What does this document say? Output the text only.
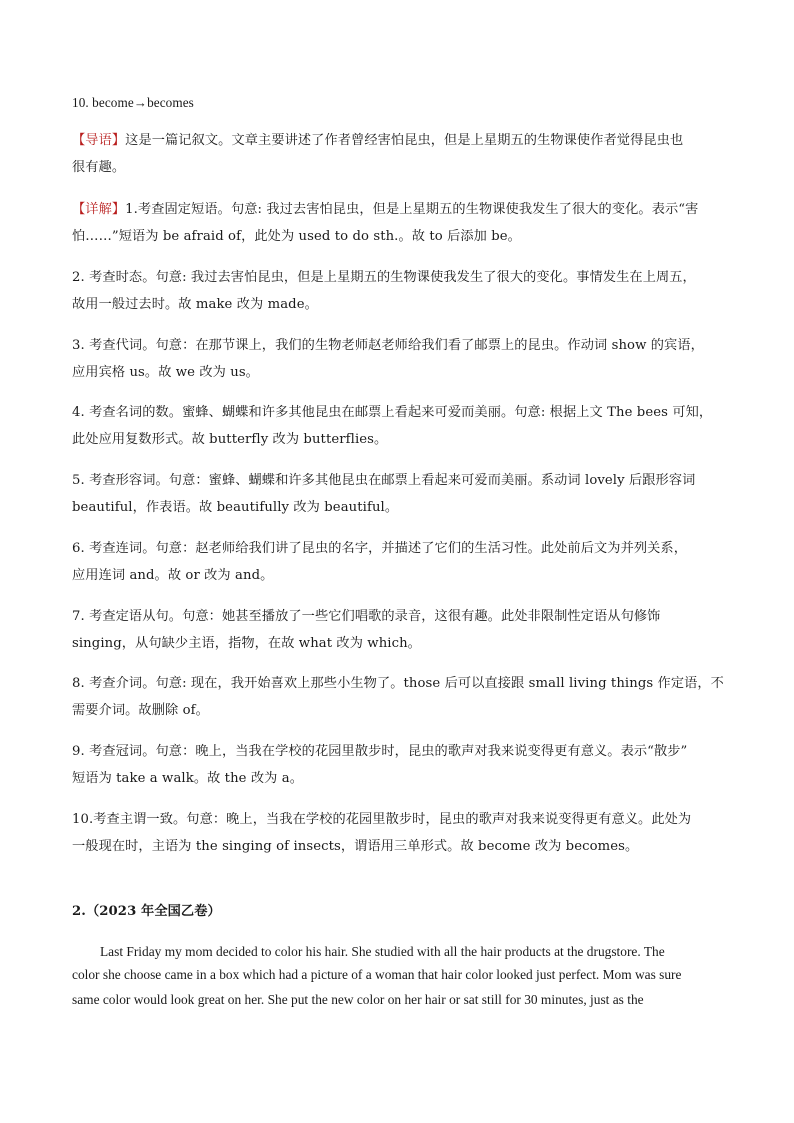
10. become→becomes
【导语】这是一篇记叙文。文章主要讲述了作者曾经害怕昆虫，但是上星期五的生物课使作者觉得昆虫也
很有趣。
【详解】1.考查固定短语。句意: 我过去害怕昆虫，但是上星期五的生物课使我发生了很大的变化。表示“害
怕……”短语为 be afraid of，此处为 used to do sth.。故 to 后添加 be。
2. 考查时态。句意: 我过去害怕昆虫，但是上星期五的生物课使我发生了很大的变化。事情发生在上周五，
故用一般过去时。故 make 改为 made。
3. 考查代词。句意：在那节课上，我们的生物老师赵老师给我们看了邮票上的昆虫。作动词 show 的宾语，
应用宾格 us。故 we 改为 us。
4. 考查名词的数。蜜蜂、蝴蝶和许多其他昆虫在邮票上看起来可爱而美丽。句意: 根据上文 The bees 可知，
此处应用复数形式。故 butterfly 改为 butterflies。
5. 考查形容词。句意：蜜蜂、蝴蝶和许多其他昆虫在邮票上看起来可爱而美丽。系动词 lovely 后跟形容词
beautiful，作表语。故 beautifully 改为 beautiful。
6. 考查连词。句意：赵老师给我们讲了昆虫的名字，并描述了它们的生活习性。此处前后文为并列关系，
应用连词 and。故 or 改为 and。
7. 考查定语从句。句意：她甚至播放了一些它们唱歌的录音，这很有趣。此处非限制性定语从句修饰
singing，从句缺少主语，指物，在故 what 改为 which。
8. 考查介词。句意: 现在，我开始喜欢上那些小生物了。those 后可以直接跟 small living things 作定语，不
需要介词。故删除 of。
9. 考查冠词。句意：晚上，当我在学校的花园里散步时，昆虫的歌声对我来说变得更有意义。表示“散步”
短语为 take a walk。故 the 改为 a。
10.考查主谓一致。句意：晚上，当我在学校的花园里散步时，昆虫的歌声对我来说变得更有意义。此处为
一般现在时，主语为 the singing of insects，谓语用三单形式。故 become 改为 becomes。
2.（2023 年全国乙卷）
Last Friday my mom decided to color his hair. She studied with all the hair products at the drugstore. The
color she choose came in a box which had a picture of a woman that hair color looked just perfect. Mom was sure
same color would look great on her. She put the new color on her hair or sat still for 30 minutes, just as the
